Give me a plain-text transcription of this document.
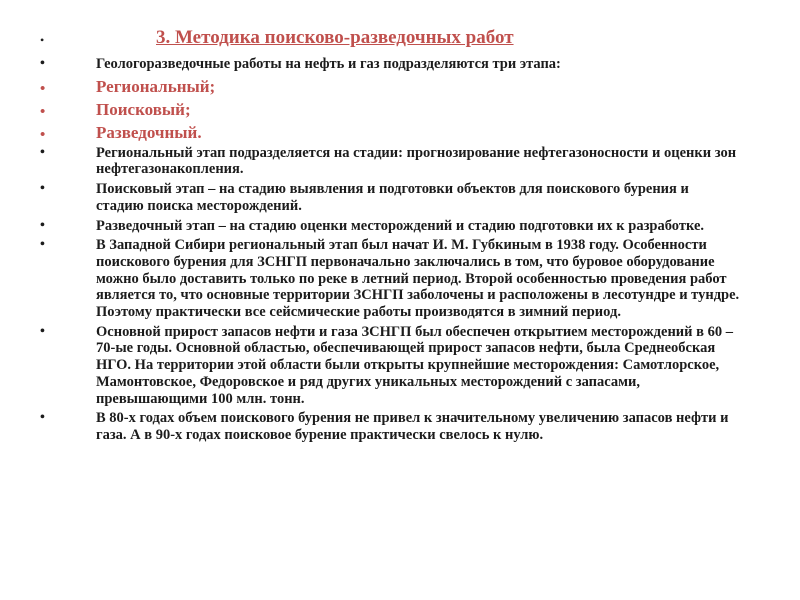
•	3. Методика поисково-разведочных работ
•	Геологоразведочные работы на нефть и газ подразделяются три этапа:
•	Региональный;
•	Поисковый;
•	Разведочный.
•	Региональный этап подразделяется на стадии: прогнозирование нефтегазоносности и оценки зон нефтегазонакопления.
•	Поисковый этап – на стадию выявления и подготовки объектов для поискового бурения и стадию поиска месторождений.
•	Разведочный этап – на стадию оценки месторождений и стадию подготовки их к разработке.
•	В Западной Сибири региональный этап был начат И. М. Губкиным в 1938 году. Особенности поискового бурения для ЗСНГП первоначально заключались в том, что буровое оборудование можно было доставить только по реке в летний период. Второй особенностью проведения работ является то, что основные территории ЗСНГП заболочены и расположены в лесотундре и тундре. Поэтому практически все сейсмические работы производятся в зимний период.
•	Основной прирост запасов нефти и газа ЗСНГП был обеспечен открытием месторождений в 60 – 70-ые годы. Основной областью, обеспечивающей прирост запасов нефти, была Среднеобская НГО. На территории этой области были открыты крупнейшие месторождения: Самотлорское, Мамонтовское, Федоровское и ряд других уникальных месторождений с запасами, превышающими 100 млн. тонн.
•	В 80-х годах объем поискового бурения не привел к значительному увеличению запасов нефти и газа. А в 90-х годах поисковое бурение практически свелось к нулю.
